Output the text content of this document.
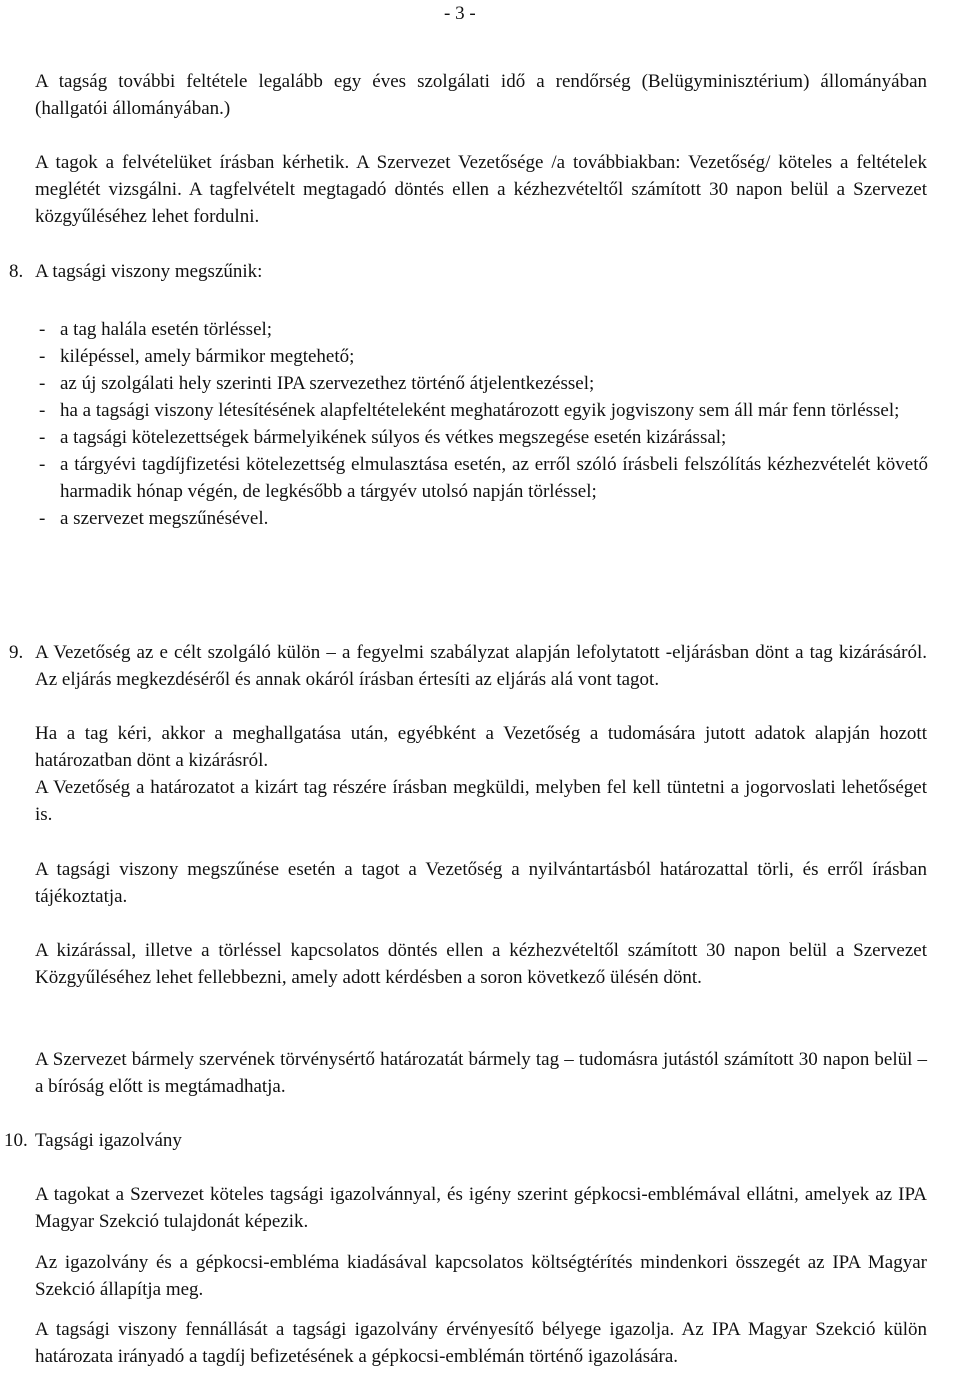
- 3 -

A tagság további feltétele legalább egy éves szolgálati idő a rendőrség (Belügyminisztérium) állományában (hallgatói állományában.)

A tagok a felvételüket írásban kérhetik. A Szervezet Vezetősége /a továbbiakban: Vezetőség/ köteles a feltételek meglétét vizsgálni. A tagfelvételt megtagadó döntés ellen a kézhezvételtől számított 30 napon belül a Szervezet közgyűléséhez lehet fordulni.

8. A tagsági viszony megszűnik:

- a tag halála esetén törléssel;
- kilépéssel, amely bármikor megtehető;
- az új szolgálati hely szerinti IPA szervezethez történő átjelentkezéssel;
- ha a tagsági viszony létesítésének alapfeltételeként meghatározott egyik jogviszony sem áll már fenn törléssel;
- a tagsági kötelezettségek bármelyikének súlyos és vétkes megszegése esetén kizárással;
- a tárgyévi tagdíjfizetési kötelezettség elmulasztása esetén, az erről szóló írásbeli felszólítás kézhezvételét követő harmadik hónap végén, de legkésőbb a tárgyév utolsó napján törléssel;
- a szervezet megszűnésével.
9. A Vezetőség az e célt szolgáló külön – a fegyelmi szabályzat alapján lefolytatott -eljárásban dönt a tag kizárásáról. Az eljárás megkezdéséről és annak okáról írásban értesíti az eljárás alá vont tagot.

Ha a tag kéri, akkor a meghallgatása után, egyébként a Vezetőség a tudomására jutott adatok alapján hozott határozatban dönt a kizárásról.

A Vezetőség a határozatot a kizárt tag részére írásban megküldi, melyben fel kell tüntetni a jogorvoslati lehetőséget is.

A tagsági viszony megszűnése esetén a tagot a Vezetőség a nyilvántartásból határozattal törli, és erről írásban tájékoztatja.

A kizárással, illetve a törléssel kapcsolatos döntés ellen a kézhezvételtől számított 30 napon belül a Szervezet Közgyűléséhez lehet fellebbezni, amely adott kérdésben a soron következő ülésén dönt.

A Szervezet bármely szervének törvénysértő határozatát bármely tag – tudomásra jutástól számított 30 napon belül – a bíróság előtt is megtámadhatja.

10. Tagsági igazolvány

A tagokat a Szervezet köteles tagsági igazolvánnyal, és igény szerint gépkocsi-emblémával ellátni, amelyek az IPA Magyar Szekció tulajdonát képezik.

Az igazolvány és a gépkocsi-embléma kiadásával kapcsolatos költségtérítés mindenkori összegét az IPA Magyar Szekció állapítja meg.

A tagsági viszony fennállását a tagsági igazolvány érvényesítő bélyege igazolja. Az IPA Magyar Szekció külön határozata irányadó a tagdíj befizetésének a gépkocsi-emblémán történő igazolására.
